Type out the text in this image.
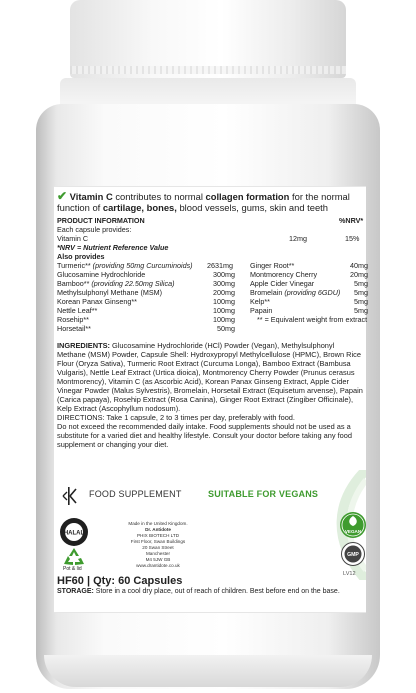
✔ Vitamin C contributes to normal collagen formation for the normal function of cartilage, bones, blood vessels, gums, skin and teeth
PRODUCT INFORMATION	%NRV*
Each capsule provides:
Vitamin C	12mg	15%
*NRV = Nutrient Reference Value
Also provides
Turmeric** (providing 50mg Curcuminoids) 2631mg
Glucosamine Hydrochloride	300mg
Bamboo** (providing 22.50mg Silica)	300mg
Methylsulphonyl Methane (MSM)	200mg
Korean Panax Ginseng**	100mg
Nettle Leaf**	100mg
Rosehip**	100mg
Horsetail**	50mg
Ginger Root**	40mg
Montmorency Cherry	20mg
Apple Cider Vinegar	5mg
Bromelain (providing 6GDU) 5mg
Kelp**	5mg
Papain	5mg
** = Equivalent weight from extract
INGREDIENTS: Glucosamine Hydrochloride (HCl) Powder (Vegan), Methylsulphonyl Methane (MSM) Powder, Capsule Shell: Hydroxypropyl Methylcellulose (HPMC), Brown Rice Flour (Oryza Sativa), Turmeric Root Extract (Curcuma Longa), Bamboo Extract (Bambusa Vulgaris), Nettle Leaf Extract (Urtica dioica), Montmorency Cherry Powder (Prunus cerasus Montmorency), Vitamin C (as Ascorbic Acid), Korean Panax Ginseng Extract, Apple Cider Vinegar Powder (Malus Sylvestris), Bromelain, Horsetail Extract (Equisetum arvense), Papain (Carica papaya), Rosehip Extract (Rosa Canina), Ginger Root Extract (Zingiber Officinale), Kelp Extract (Ascophyllum nodosum).
DIRECTIONS: Take 1 capsule, 2 to 3 times per day, preferably with food.
Do not exceed the recommended daily intake. Food supplements should not be used as a substitute for a varied diet and healthy lifestyle. Consult your doctor before taking any food supplement or changing your diet.
FOOD SUPPLEMENT	SUITABLE FOR VEGANS
HALAL
Pot & lid
Made in the United Kingdom.
Dr. Antidote
PHIX BIOTECH LTD
First Floor, Swan Buildings
20 Swan Street
Manchester
M4 5JW GB
www.drantidote.co.uk
VEGAN
GMP
LV12
HF60 | Qty: 60 Capsules
STORAGE: Store in a cool dry place, out of reach of children. Best before end on the base.
